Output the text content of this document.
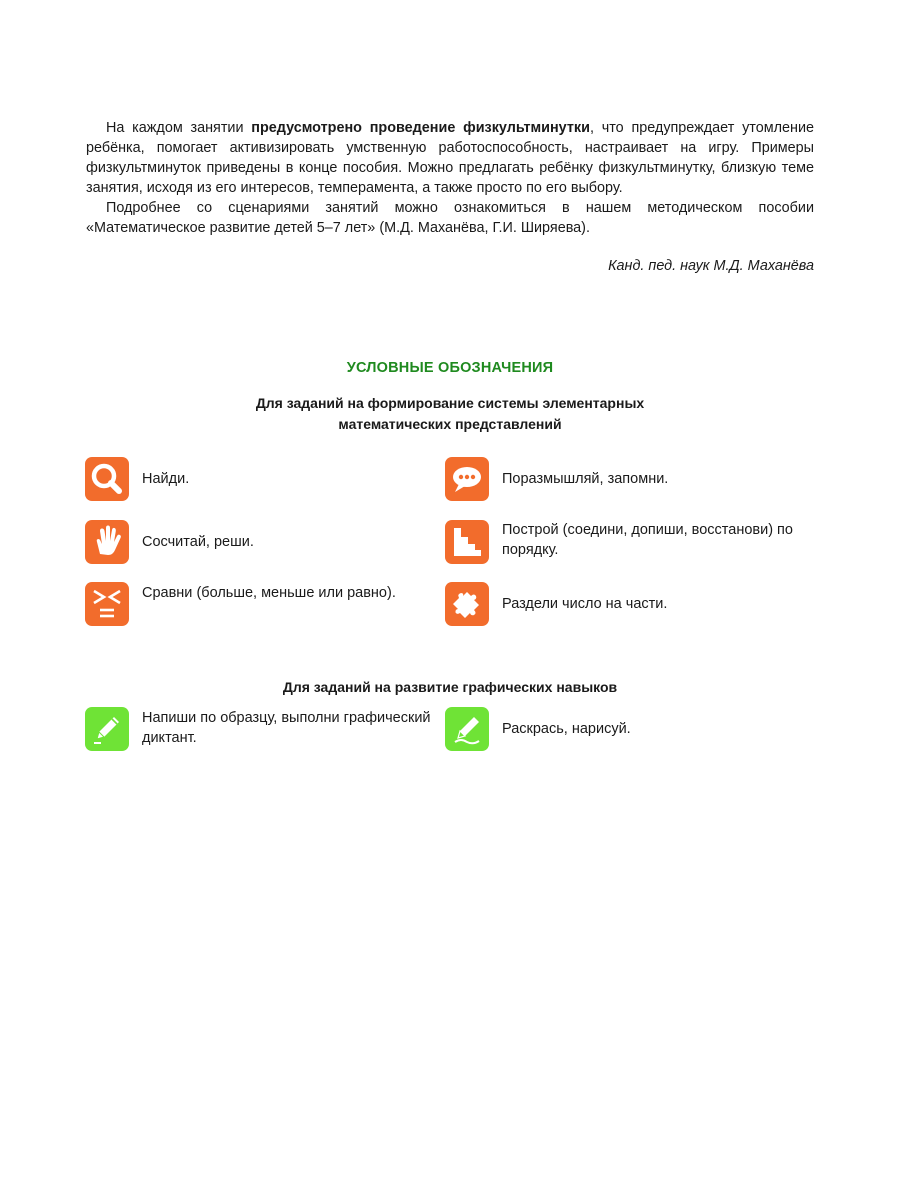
На каждом занятии предусмотрено проведение физкультминутки, что предупреждает утомление ребёнка, помогает активизировать умственную работоспособность, настраивает на игру. Примеры физкультминуток приведены в конце пособия. Можно предлагать ребёнку физкультминутку, близкую теме занятия, исходя из его интересов, темперамента, а также просто по его выбору.

Подробнее со сценариями занятий можно ознакомиться в нашем методическом пособии «Математическое развитие детей 5–7 лет» (М.Д. Маханёва, Г.И. Ширяева).

Канд. пед. наук М.Д. Маханёва
УСЛОВНЫЕ ОБОЗНАЧЕНИЯ
Для заданий на формирование системы элементарных
математических представлений
Найди.	Поразмышляй, запомни.
Сосчитай, реши.
Построй (соедини, допиши, восстанови) по порядку.
Сравни (больше, меньше или равно).
Раздели число на части.
Для заданий на развитие графических навыков
Напиши по образцу, выполни графический диктант.
Раскрась, нарисуй.
